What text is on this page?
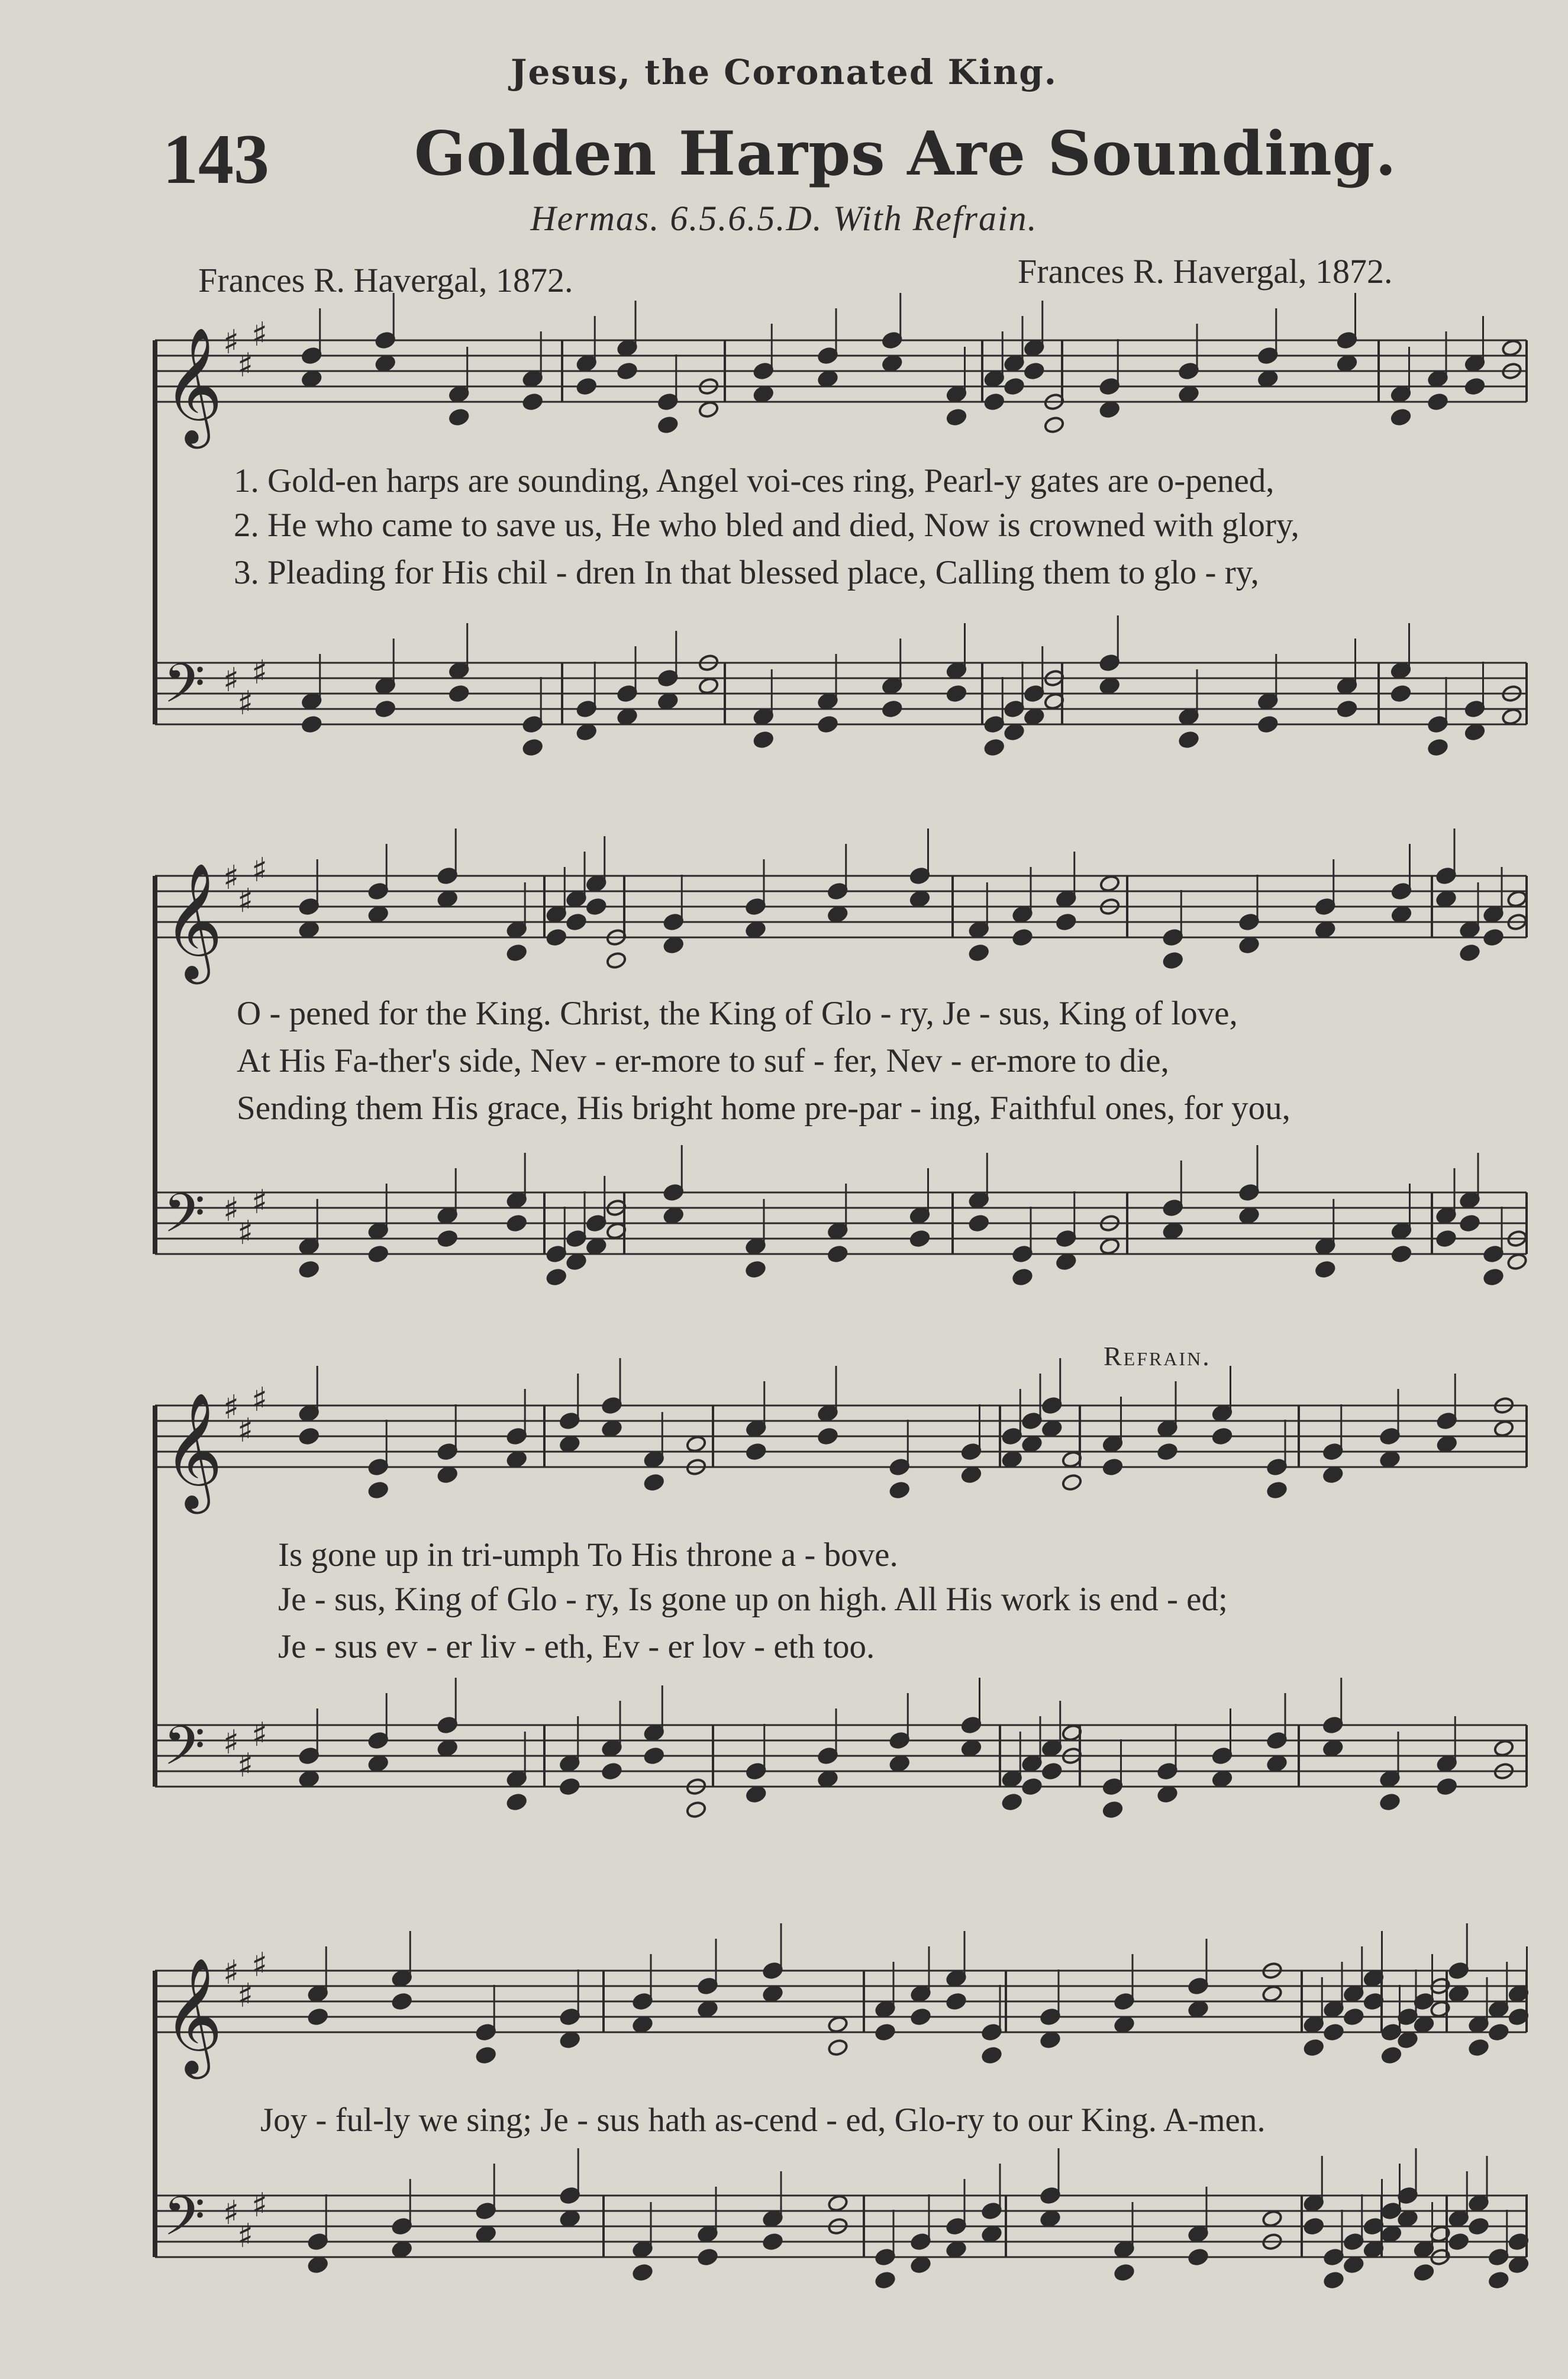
Jesus, the Coronated King.
143 Golden Harps Are Sounding.
Hermas. 6.5.6.5.D. With Refrain.
Frances R. Havergal, 1872.	Frances R. Havergal, 1872.
𝄞 ♯
♯
♯
𝄢 ♯
♯
♯
𝄞 ♯
♯
♯
𝄢 ♯
♯
♯
𝄞 ♯
♯
♯
𝄢 ♯
♯
♯
𝄞 ♯
♯
♯
𝄢 ♯
♯
♯
1. Gold-en harps are sounding, Angel voi-ces ring, Pearl-y gates are o-pened,
2. He who came to save us, He who bled and died, Now is crowned with glory,
3. Pleading for His chil - dren In that blessed place, Calling them to glo - ry,
O - pened for the King. Christ, the King of Glo - ry, Je - sus, King of love,
At His Fa-ther's side, Nev - er-more to suf - fer, Nev - er-more to die,
Sending them His grace, His bright home pre-par - ing, Faithful ones, for you,
Refrain.
Is gone up in tri-umph To His throne a - bove.
Je - sus, King of Glo - ry, Is gone up on high. All His work is end - ed;
Je - sus ev - er liv - eth, Ev - er lov - eth too.
Joy - ful-ly we sing; Je - sus hath as-cend - ed, Glo-ry to our King. A-men.
